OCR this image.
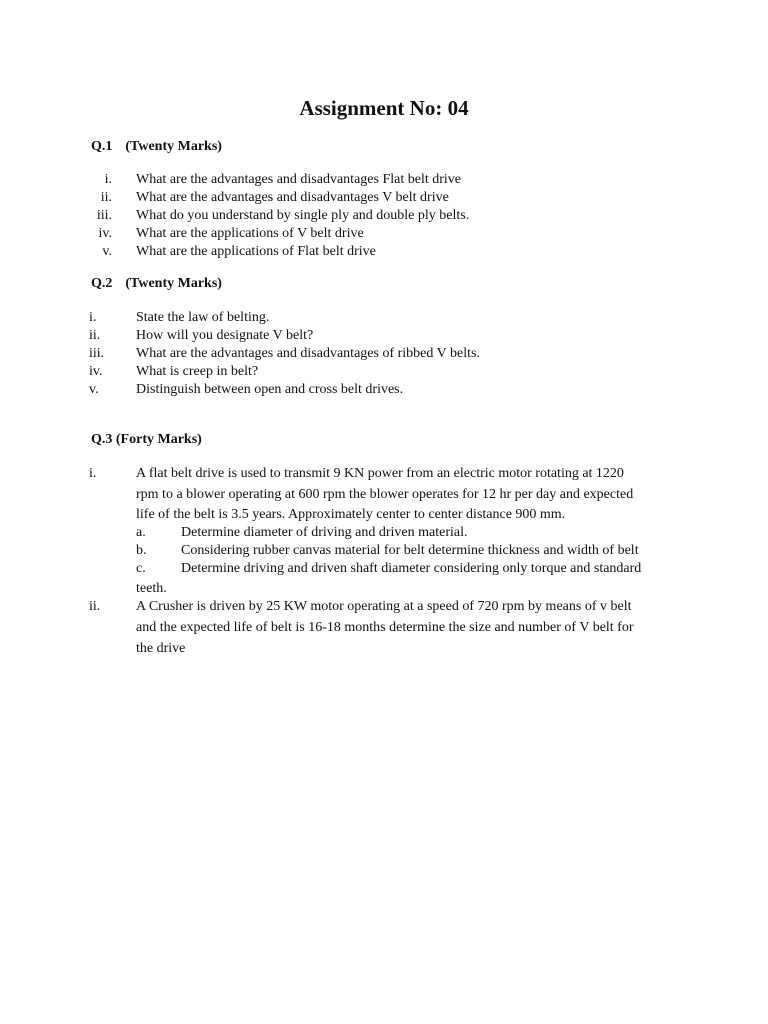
Assignment No: 04
Q.1 (Twenty Marks)
i. What are the advantages and disadvantages Flat belt drive
ii. What are the advantages and disadvantages V belt drive
iii. What do you understand by single ply and double ply belts.
iv. What are the applications of V belt drive
v. What are the applications of Flat belt drive
Q.2 (Twenty Marks)
i.	State the law of belting.
ii.	How will you designate V belt?
iii. What are the advantages and disadvantages of ribbed V belts.
iv. What is creep in belt?
v.	Distinguish between open and cross belt drives.
Q.3 (Forty Marks)
i.	A flat belt drive is used to transmit 9 KN power from an electric motor rotating at 1220
rpm to a blower operating at 600 rpm the blower operates for 12 hr per day and expected
life of the belt is 3.5 years. Approximately center to center distance 900 mm.
a.	Determine diameter of driving and driven material.
b. Considering rubber canvas material for belt determine thickness and width of belt
c.	Determine driving and driven shaft diameter considering only torque and standard
teeth.
ii.	A Crusher is driven by 25 KW motor operating at a speed of 720 rpm by means of v belt
and the expected life of belt is 16-18 months determine the size and number of V belt for
the drive
